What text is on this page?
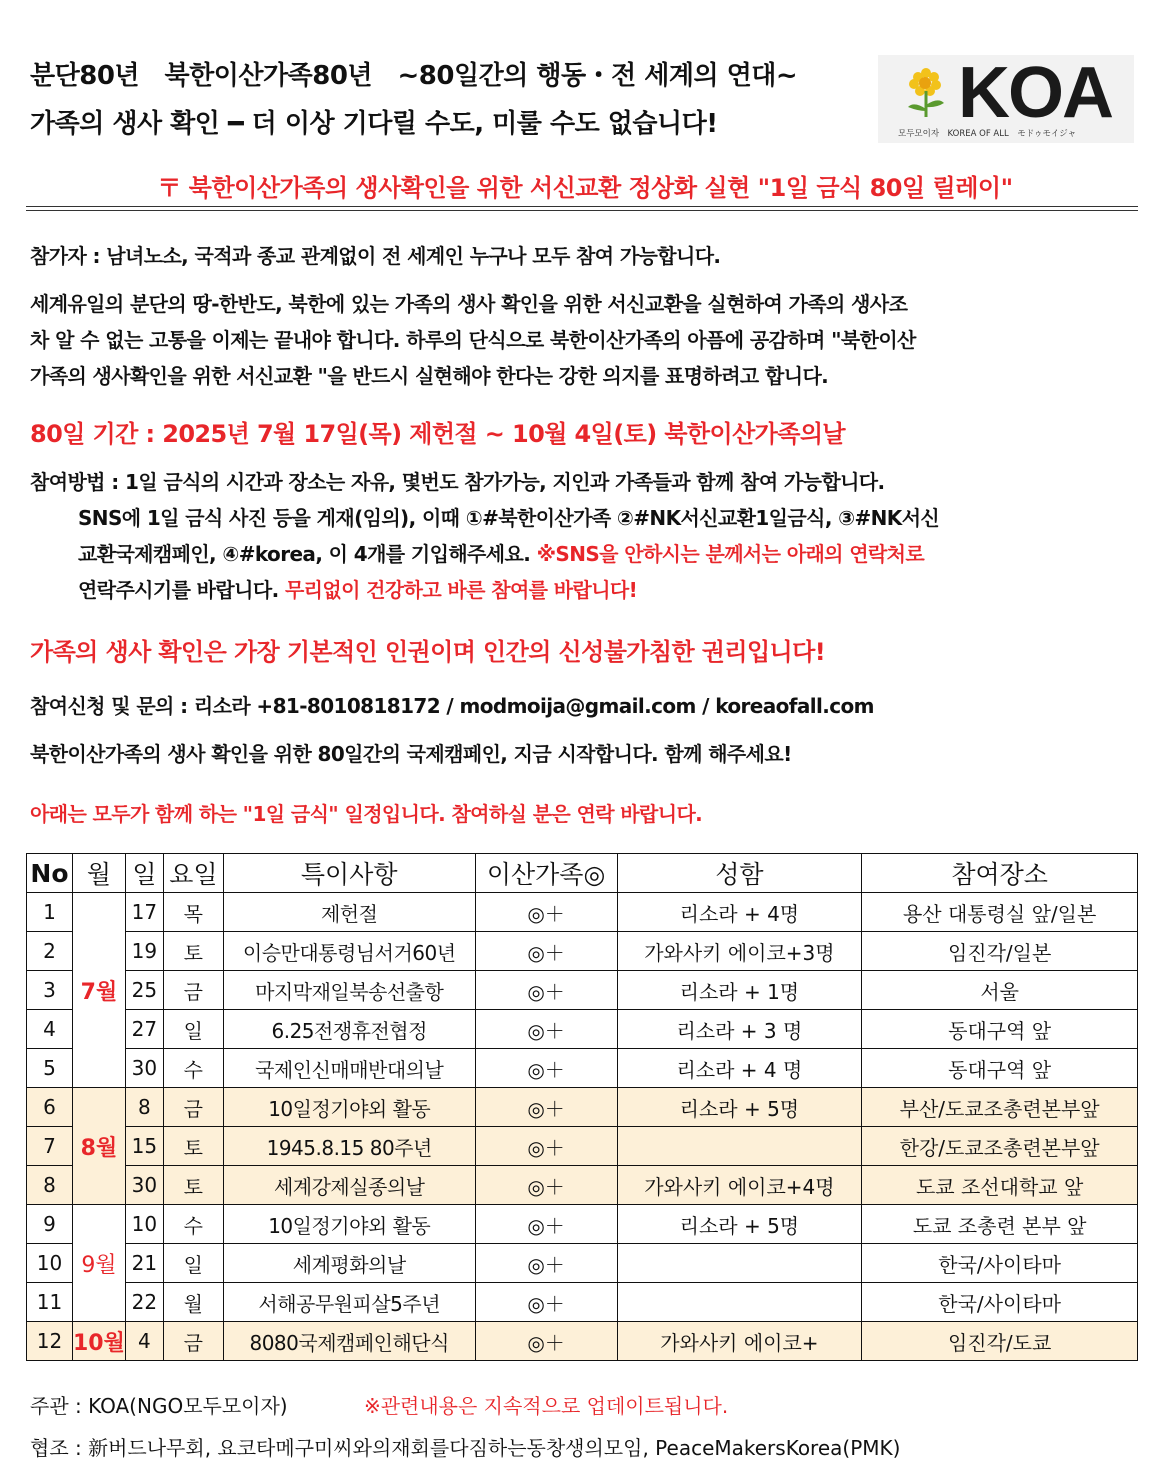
분단80년　북한이산가족80년　~80일간의 행동・전 세계의 연대~
가족의 생사 확인 ━ 더 이상 기다릴 수도, 미룰 수도 없습니다!	KOA
모두모이자　KOREA OF ALL　モドゥモイジャ
〒 북한이산가족의 생사확인을 위한 서신교환 정상화 실현 "1일 금식 80일 릴레이"
참가자 : 남녀노소, 국적과 종교 관계없이 전 세계인 누구나 모두 참여 가능합니다.
세계유일의 분단의 땅-한반도, 북한에 있는 가족의 생사 확인을 위한 서신교환을 실현하여 가족의 생사조
차 알 수 없는 고통을 이제는 끝내야 합니다. 하루의 단식으로 북한이산가족의 아픔에 공감하며 "북한이산
가족의 생사확인을 위한 서신교환 "을 반드시 실현해야 한다는 강한 의지를 표명하려고 합니다.
80일 기간 : 2025년 7월 17일(목) 제헌절 ~ 10월 4일(토) 북한이산가족의날
참여방법 : 1일 금식의 시간과 장소는 자유, 몇번도 참가가능, 지인과 가족들과 함께 참여 가능합니다.
SNS에 1일 금식 사진 등을 게재(임의), 이때 ①#북한이산가족 ②#NK서신교환1일금식, ③#NK서신
교환국제캠페인, ④#korea, 이 4개를 기입해주세요. ※SNS을 안하시는 분께서는 아래의 연락처로
연락주시기를 바랍니다. 무리없이 건강하고 바른 참여를 바랍니다!
가족의 생사 확인은 가장 기본적인 인권이며 인간의 신성불가침한 권리입니다!
참여신청 및 문의 : 리소라 +81-8010818172 / modmoija@gmail.com / koreaofall.com
북한이산가족의 생사 확인을 위한 80일간의 국제캠페인, 지금 시작합니다. 함께 해주세요!
아래는 모두가 함께 하는 "1일 금식" 일정입니다. 참여하실 분은 연락 바랍니다.
No	월	일	요일	특이사항	이산가족◎	성함	참여장소
1	7월	17	목	제헌절	◎＋	리소라 + 4명	용산 대통령실 앞/일본
2		19	토	이승만대통령님서거60년	◎＋	가와사키 에이코+3명	임진각/일본
3		25	금	마지막재일북송선출항	◎＋	리소라 + 1명	서울
4		27	일	6.25전쟁휴전협정	◎＋	리소라 + 3 명	동대구역 앞
5		30	수	국제인신매매반대의날	◎＋	리소라 + 4 명	동대구역 앞
6	8월	8	금	10일정기야외 활동	◎＋	리소라 + 5명	부산/도쿄조총련본부앞
7		15	토	1945.8.15 80주년	◎＋		한강/도쿄조총련본부앞
8		30	토	세계강제실종의날	◎＋	가와사키 에이코+4명	도쿄 조선대학교 앞
9	9월	10	수	10일정기야외 활동	◎＋	리소라 + 5명	도쿄 조총련 본부 앞
10		21	일	세계평화의날	◎＋		한국/사이타마
11		22	월	서해공무원피살5주년	◎＋		한국/사이타마
12	10월	4	금	8080국제캠페인해단식	◎＋	가와사키 에이코+	임진각/도쿄
주관 : KOA(NGO모두모이자)	※관련내용은 지속적으로 업데이트됩니다.
협조 : 新버드나무회, 요코타메구미씨와의재회를다짐하는동창생의모임, PeaceMakersKorea(PMK)
